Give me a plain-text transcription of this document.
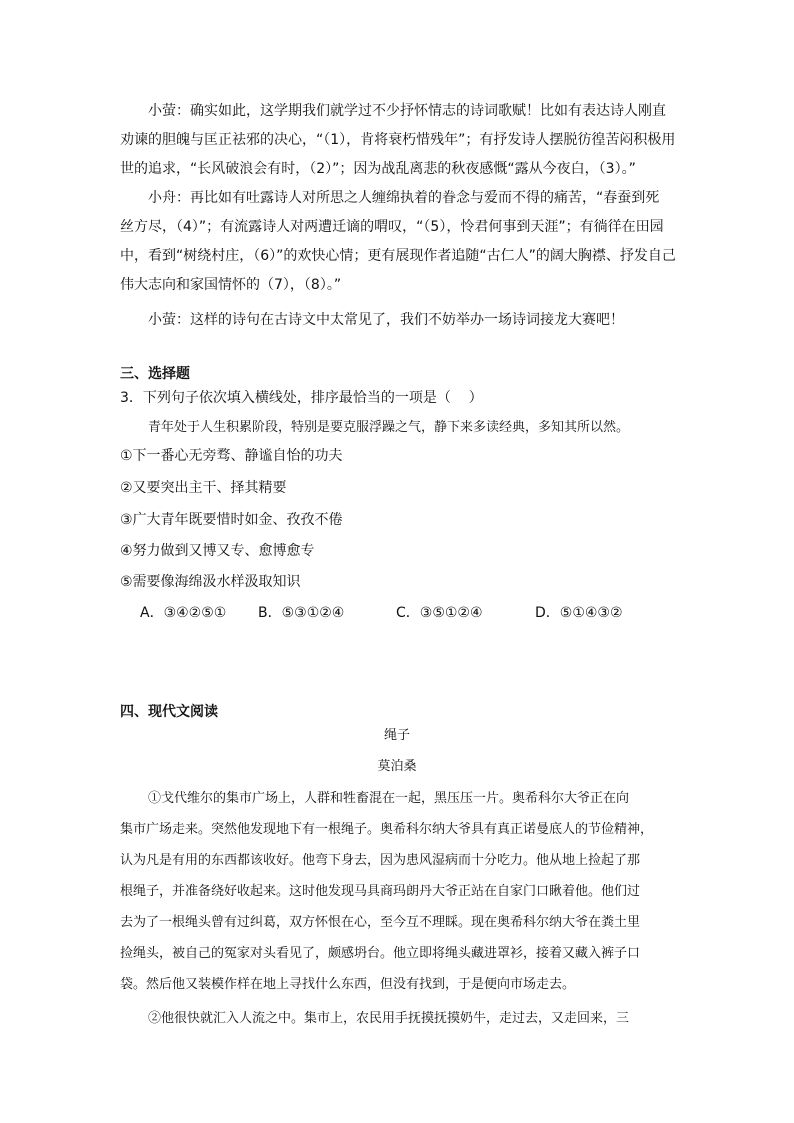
小萤：确实如此，这学期我们就学过不少抒怀情志的诗词歌赋！比如有表达诗人刚直
劝谏的胆魄与匡正祛邪的决心，“（1），肯将衰朽惜残年”；有抒发诗人摆脱彷徨苦闷积极用
世的追求，“长风破浪会有时，（2）”；因为战乱离悲的秋夜感慨“露从今夜白，（3）。”
小舟：再比如有吐露诗人对所思之人缠绵执着的眷念与爱而不得的痛苦，“春蚕到死
丝方尽，（4）”；有流露诗人对两遭迁谪的喟叹，“（5），怜君何事到天涯”；有徜徉在田园
中，看到“树绕村庄，（6）”的欢快心情；更有展现作者追随“古仁人”的阔大胸襟、抒发自己
伟大志向和家国情怀的（7），（8）。”
小萤：这样的诗句在古诗文中太常见了，我们不妨举办一场诗词接龙大赛吧！
三、选择题
3．下列句子依次填入横线处，排序最恰当的一项是（    ）
青年处于人生积累阶段，特别是要克服浮躁之气，静下来多读经典，多知其所以然。
①下一番心无旁骛、静谧自怡的功夫
②又要突出主干、择其精要
③广大青年既要惜时如金、孜孜不倦
④努力做到又博又专、愈博愈专
⑤需要像海绵汲水样汲取知识
A．③④②⑤① B．⑤③①②④	C．③⑤①②④	D．⑤①④③②
四、现代文阅读
绳子
莫泊桑
①戈代维尔的集市广场上，人群和牲畜混在一起，黑压压一片。奥希科尔大爷正在向
集市广场走来。突然他发现地下有一根绳子。奥希科尔纳大爷具有真正诺曼底人的节俭精神，
认为凡是有用的东西都该收好。他弯下身去，因为患风湿病而十分吃力。他从地上捡起了那
根绳子，并准备绕好收起来。这时他发现马具商玛朗丹大爷正站在自家门口瞅着他。他们过
去为了一根绳头曾有过纠葛，双方怀恨在心，至今互不理睬。现在奥希科尔纳大爷在粪土里
捡绳头，被自己的冤家对头看见了，颇感坍台。他立即将绳头藏进罩衫，接着又藏入裤子口
袋。然后他又装模作样在地上寻找什么东西，但没有找到，于是便向市场走去。
②他很快就汇入人流之中。集市上，农民用手抚摸抚摸奶牛，走过去，又走回来，三
